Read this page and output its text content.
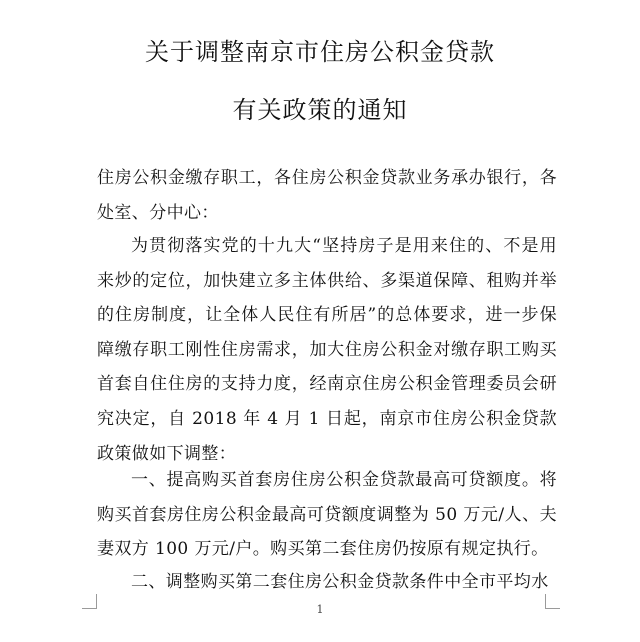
关于调整南京市住房公积金贷款
有关政策的通知
住房公积金缴存职工，各住房公积金贷款业务承办银行，各处室、分中心：
为贯彻落实党的十九大“坚持房子是用来住的、不是用来炒的定位，加快建立多主体供给、多渠道保障、租购并举的住房制度，让全体人民住有所居”的总体要求，进一步保障缴存职工刚性住房需求，加大住房公积金对缴存职工购买首套自住住房的支持力度，经南京住房公积金管理委员会研究决定，自 2018 年 4 月 1 日起，南京市住房公积金贷款政策做如下调整：
一、提高购买首套房住房公积金贷款最高可贷额度。将购买首套房住房公积金最高可贷额度调整为 50 万元/人、夫妻双方 100 万元/户。购买第二套住房仍按原有规定执行。
二、调整购买第二套住房公积金贷款条件中全市平均水
1
